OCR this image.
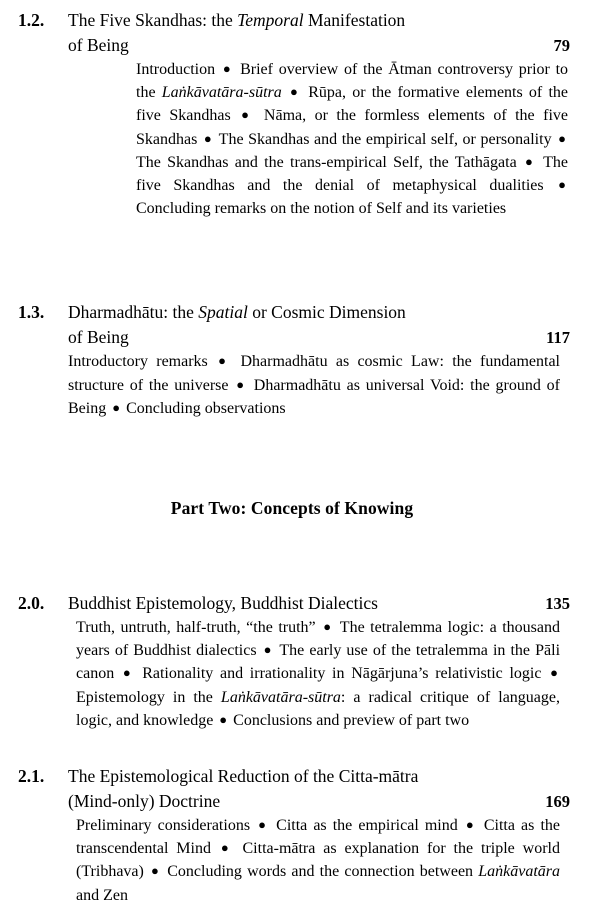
1.2.	The Five Skandhas: the Temporal Manifestation
of Being	79
Introduction ● Brief overview of the Ātman controversy prior to the Laṅkāvatāra-sūtra ● Rūpa, or the formative elements of the five Skandhas ● Nāma, or the formless elements of the five Skandhas ● The Skandhas and the empirical self, or personality ● The Skandhas and the trans-empirical Self, the Tathāgata ● The five Skandhas and the denial of metaphysical dualities ● Concluding remarks on the notion of Self and its varieties
1.3.	Dharmadhātu: the Spatial or Cosmic Dimension
of Being	117
Introductory remarks ● Dharmadhātu as cosmic Law: the fundamental structure of the universe ● Dharmadhātu as universal Void: the ground of Being ● Concluding observations
Part Two: Concepts of Knowing
2.0.	Buddhist Epistemology, Buddhist Dialectics	135
Truth, untruth, half-truth, “the truth” ● The tetralemma logic: a thousand years of Buddhist dialectics ● The early use of the tetralemma in the Pāli canon ● Rationality and irrationality in Nāgārjuna’s relativistic logic ● Epistemology in the Laṅkāvatāra-sūtra: a radical critique of language, logic, and knowledge ● Conclusions and preview of part two
2.1.	The Epistemological Reduction of the Citta-mātra
(Mind-only) Doctrine	169
Preliminary considerations ● Citta as the empirical mind ● Citta as the transcendental Mind ● Citta-mātra as explanation for the triple world (Tribhava) ● Concluding words and the connection between Laṅkāvatāra and Zen
